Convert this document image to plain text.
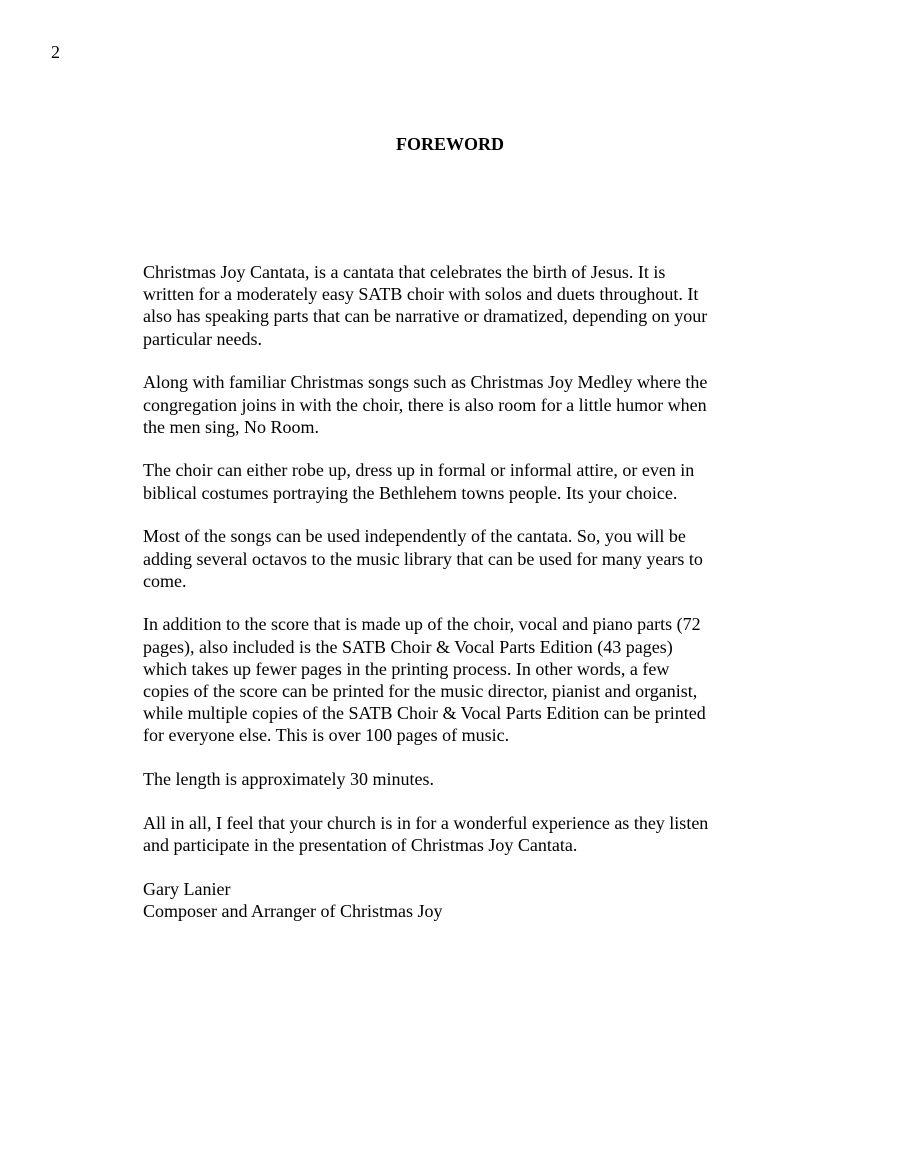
2
FOREWORD

Christmas Joy Cantata, is a cantata that celebrates the birth of Jesus. It is
written for a moderately easy SATB choir with solos and duets throughout. It
also has speaking parts that can be narrative or dramatized, depending on your
particular needs.

Along with familiar Christmas songs such as Christmas Joy Medley where the
congregation joins in with the choir, there is also room for a little humor when
the men sing, No Room.

The choir can either robe up, dress up in formal or informal attire, or even in
biblical costumes portraying the Bethlehem towns people. Its your choice.

Most of the songs can be used independently of the cantata. So, you will be
adding several octavos to the music library that can be used for many years to
come.

In addition to the score that is made up of the choir, vocal and piano parts (72
pages), also included is the SATB Choir & Vocal Parts Edition (43 pages)
which takes up fewer pages in the printing process. In other words, a few
copies of the score can be printed for the music director, pianist and organist,
while multiple copies of the SATB Choir & Vocal Parts Edition can be printed
for everyone else. This is over 100 pages of music.

The length is approximately 30 minutes.

All in all, I feel that your church is in for a wonderful experience as they listen
and participate in the presentation of Christmas Joy Cantata.

Gary Lanier
Composer and Arranger of Christmas Joy
